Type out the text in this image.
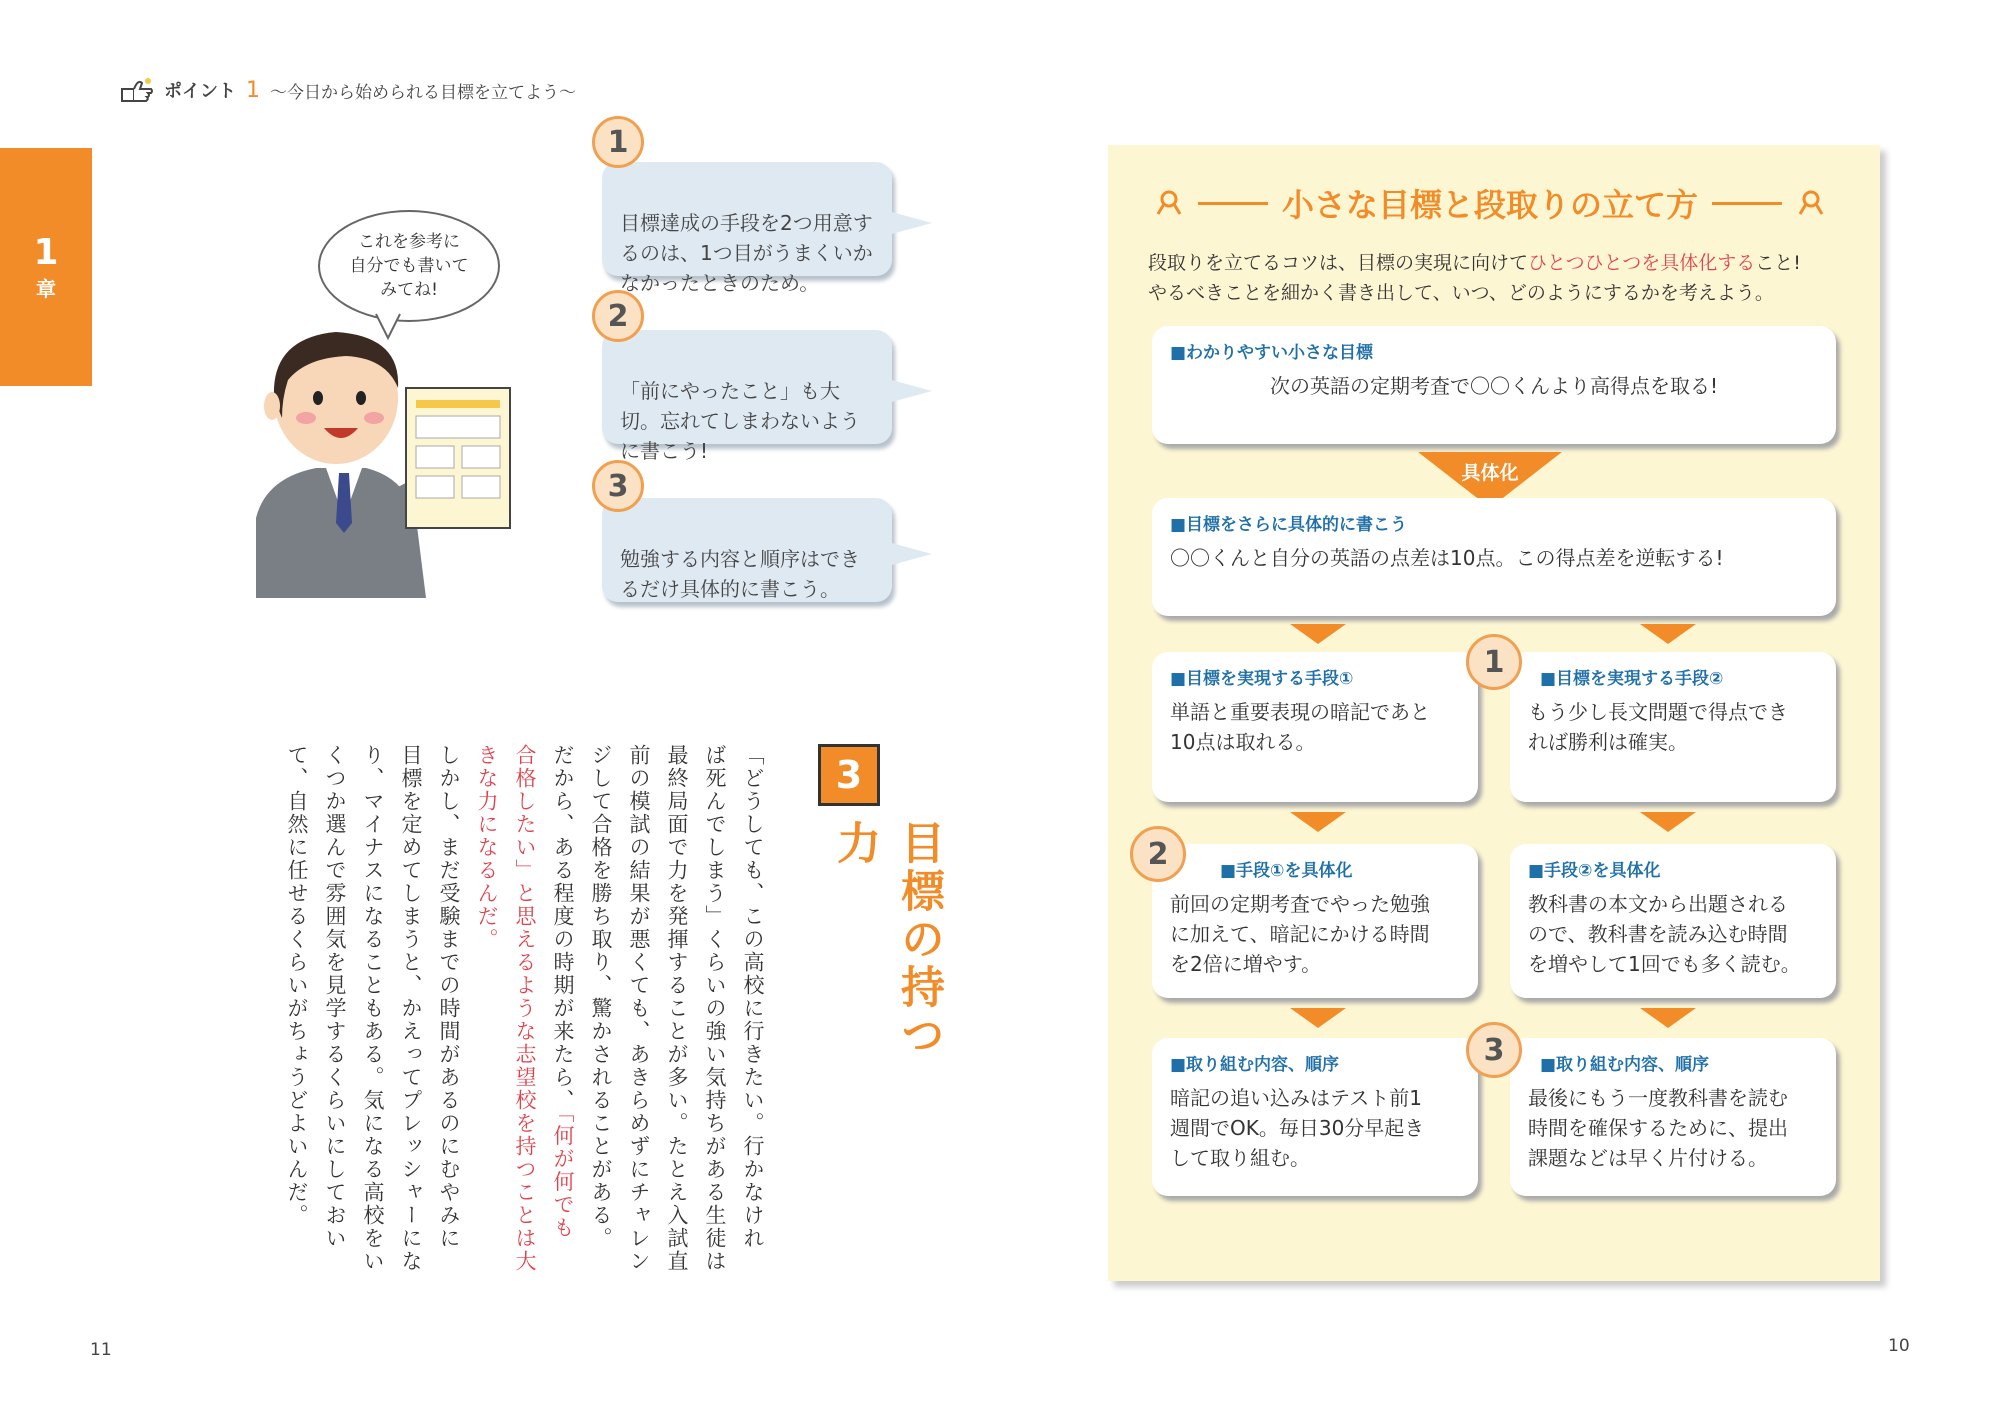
ポイント 1 ～今日から始められる目標を立てよう～
1
章
これを参考に
自分でも書いて
みてね!

目標達成の手段を2つ用意す
るのは、1つ目がうまくいか
なかったときのため。

1

「前にやったこと」も大
切。忘れてしまわないよう
に書こう!

2

勉強する内容と順序はでき
るだけ具体的に書こう。

3
3
目標の持つ力
「どうしても、この高校に行きたい。行かなけれ
ば死んでしまう」くらいの強い気持ちがある生徒は
最終局面で力を発揮することが多い。たとえ入試直
前の模試の結果が悪くても、あきらめずにチャレン
ジして合格を勝ち取り、驚かされることがある。
だから、ある程度の時期が来たら、「何が何でも
合格したい」と思えるような志望校を持つことは大
きな力になるんだ。
しかし、まだ受験までの時間があるのにむやみに
目標を定めてしまうと、かえってプレッシャーにな
り、マイナスになることもある。気になる高校をい
くつか選んで雰囲気を見学するくらいにしておい
て、自然に任せるくらいがちょうどよいんだ。
11	10
小さな目標と段取りの立て方
段取りを立てるコツは、目標の実現に向けてひとつひとつを具体化すること!
やるべきことを細かく書き出して、いつ、どのようにするかを考えよう。
■わかりやすい小さな目標
次の英語の定期考査で〇〇くんより高得点を取る!
具体化
■目標をさらに具体的に書こう
〇〇くんと自分の英語の点差は10点。この得点差を逆転する!
■目標を実現する手段①
単語と重要表現の暗記であと
10点は取れる。
■目標を実現する手段②
もう少し長文問題で得点でき
れば勝利は確実。
1
■手段①を具体化
前回の定期考査でやった勉強
に加えて、暗記にかける時間
を2倍に増やす。
■手段②を具体化
教科書の本文から出題される
ので、教科書を読み込む時間
を増やして1回でも多く読む。
2
■取り組む内容、順序
暗記の追い込みはテスト前1
週間でOK。毎日30分早起き
して取り組む。
■取り組む内容、順序
最後にもう一度教科書を読む
時間を確保するために、提出
課題などは早く片付ける。
3
